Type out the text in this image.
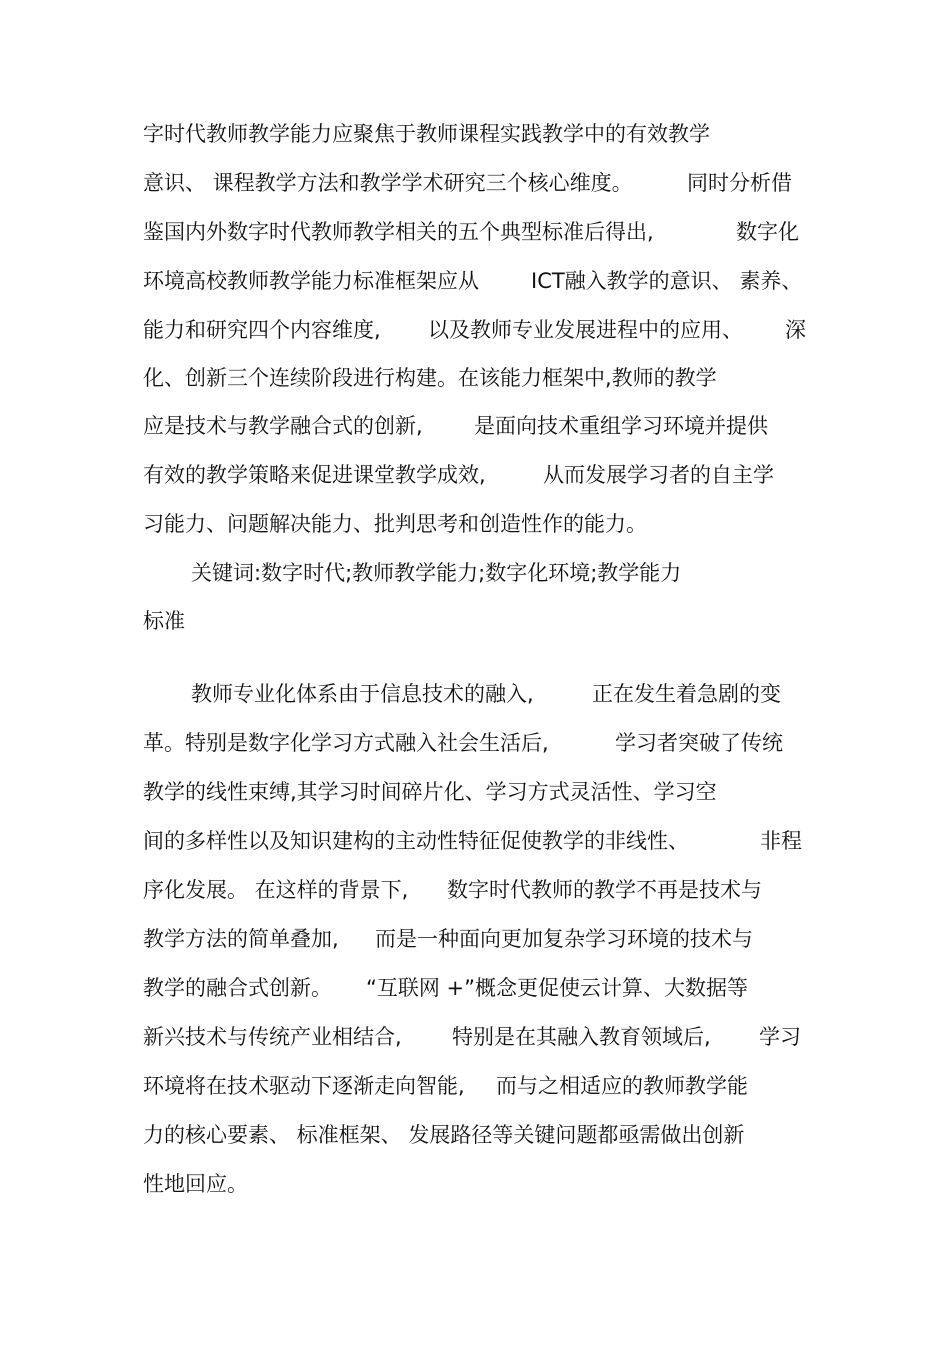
字时代教师教学能力应聚焦于教师课程实践教学中的有效教学

意识、 课程教学方法和教学学术研究三个核心维度。

	同时分析借

鉴国内外数字时代教师教学相关的五个典型标准后得出,

	数字化

环境高校教师教学能力标准框架应从

ICT融入教学的意识、 素养、

能力和研究四个内容维度,

以及教师专业发展进程中的应用、

深

化、创新三个连续阶段进行构建。在该能力框架中,教师的教学

应是技术与教学融合式的创新,

是面向技术重组学习环境并提供

有效的教学策略来促进课堂教学成效,

	从而发展学习者的自主学

习能力、问题解决能力、批判思考和创造性作的能力。

关键词:数字时代;教师教学能力;数字化环境;教学能力

标准

教师专业化体系由于信息技术的融入,

	正在发生着急剧的变

革。特别是数字化学习方式融入社会生活后,

	学习者突破了传统

教学的线性束缚,其学习时间碎片化、学习方式灵活性、学习空

间的多样性以及知识建构的主动性特征促使教学的非线性、

	非程

序化发展。 在这样的背景下,

数字时代教师的教学不再是技术与

教学方法的简单叠加,

而是一种面向更加复杂学习环境的技术与

教学的融合式创新。

“互联网 +”概念更促使云计算、大数据等

新兴技术与传统产业相结合,

特别是在其融入教育领域后,

学习

环境将在技术驱动下逐渐走向智能,

而与之相适应的教师教学能

力的核心要素、 标准框架、 发展路径等关键问题都亟需做出创新

性地回应。
